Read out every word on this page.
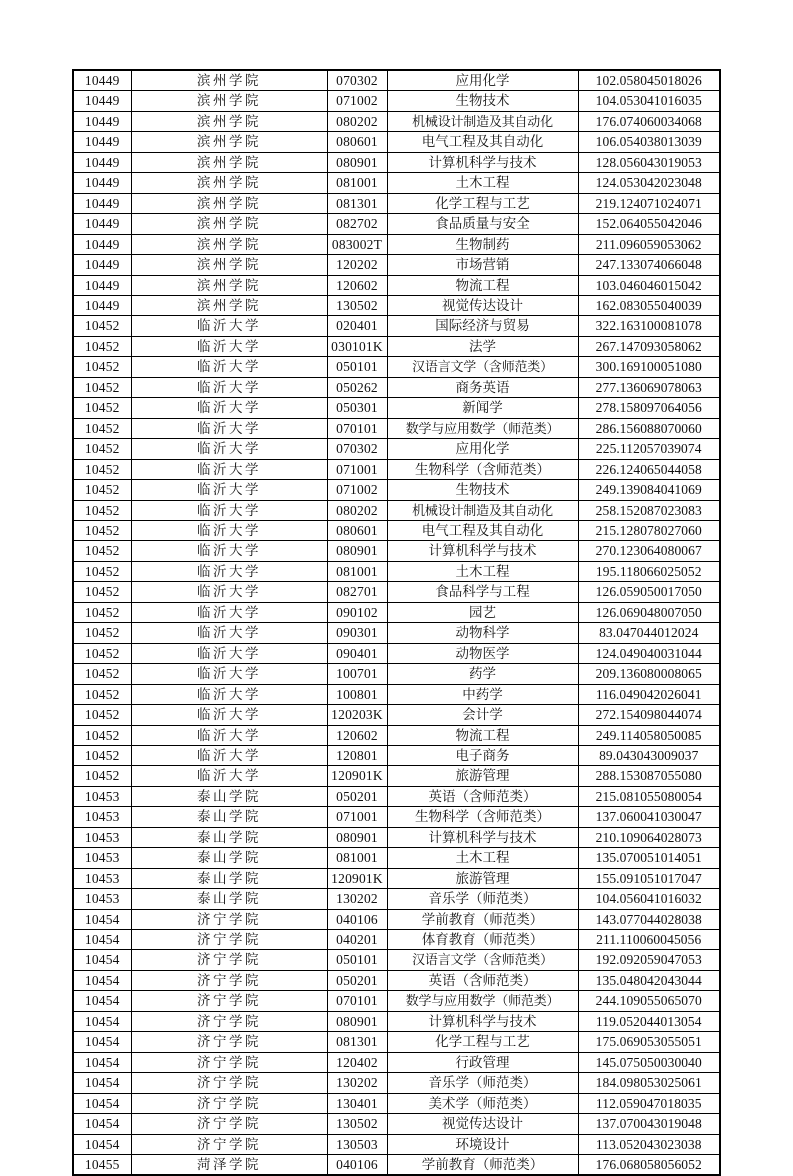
10449	滨州学院	070302	应用化学	102.058045018026
10449	滨州学院	071002	生物技术	104.053041016035
10449	滨州学院	080202	机械设计制造及其自动化	176.074060034068
10449	滨州学院	080601	电气工程及其自动化	106.054038013039
10449	滨州学院	080901	计算机科学与技术	128.056043019053
10449	滨州学院	081001	土木工程	124.053042023048
10449	滨州学院	081301	化学工程与工艺	219.124071024071
10449	滨州学院	082702	食品质量与安全	152.064055042046
10449	滨州学院	083002T	生物制药	211.096059053062
10449	滨州学院	120202	市场营销	247.133074066048
10449	滨州学院	120602	物流工程	103.046046015042
10449	滨州学院	130502	视觉传达设计	162.083055040039
10452	临沂大学	020401	国际经济与贸易	322.163100081078
10452	临沂大学	030101K	法学	267.147093058062
10452	临沂大学	050101	汉语言文学（含师范类）	300.169100051080
10452	临沂大学	050262	商务英语	277.136069078063
10452	临沂大学	050301	新闻学	278.158097064056
10452	临沂大学	070101	数学与应用数学（师范类）	286.156088070060
10452	临沂大学	070302	应用化学	225.112057039074
10452	临沂大学	071001	生物科学（含师范类）	226.124065044058
10452	临沂大学	071002	生物技术	249.139084041069
10452	临沂大学	080202	机械设计制造及其自动化	258.152087023083
10452	临沂大学	080601	电气工程及其自动化	215.128078027060
10452	临沂大学	080901	计算机科学与技术	270.123064080067
10452	临沂大学	081001	土木工程	195.118066025052
10452	临沂大学	082701	食品科学与工程	126.059050017050
10452	临沂大学	090102	园艺	126.069048007050
10452	临沂大学	090301	动物科学	83.047044012024
10452	临沂大学	090401	动物医学	124.049040031044
10452	临沂大学	100701	药学	209.136080008065
10452	临沂大学	100801	中药学	116.049042026041
10452	临沂大学	120203K	会计学	272.154098044074
10452	临沂大学	120602	物流工程	249.114058050085
10452	临沂大学	120801	电子商务	89.043043009037
10452	临沂大学	120901K	旅游管理	288.153087055080
10453	泰山学院	050201	英语（含师范类）	215.081055080054
10453	泰山学院	071001	生物科学（含师范类）	137.060041030047
10453	泰山学院	080901	计算机科学与技术	210.109064028073
10453	泰山学院	081001	土木工程	135.070051014051
10453	泰山学院	120901K	旅游管理	155.091051017047
10453	泰山学院	130202	音乐学（师范类）	104.056041016032
10454	济宁学院	040106	学前教育（师范类）	143.077044028038
10454	济宁学院	040201	体育教育（师范类）	211.110060045056
10454	济宁学院	050101	汉语言文学（含师范类）	192.092059047053
10454	济宁学院	050201	英语（含师范类）	135.048042043044
10454	济宁学院	070101	数学与应用数学（师范类）	244.109055065070
10454	济宁学院	080901	计算机科学与技术	119.052044013054
10454	济宁学院	081301	化学工程与工艺	175.069053055051
10454	济宁学院	120402	行政管理	145.075050030040
10454	济宁学院	130202	音乐学（师范类）	184.098053025061
10454	济宁学院	130401	美术学（师范类）	112.059047018035
10454	济宁学院	130502	视觉传达设计	137.070043019048
10454	济宁学院	130503	环境设计	113.052043023038
10455	菏泽学院	040106	学前教育（师范类）	176.068058056052
